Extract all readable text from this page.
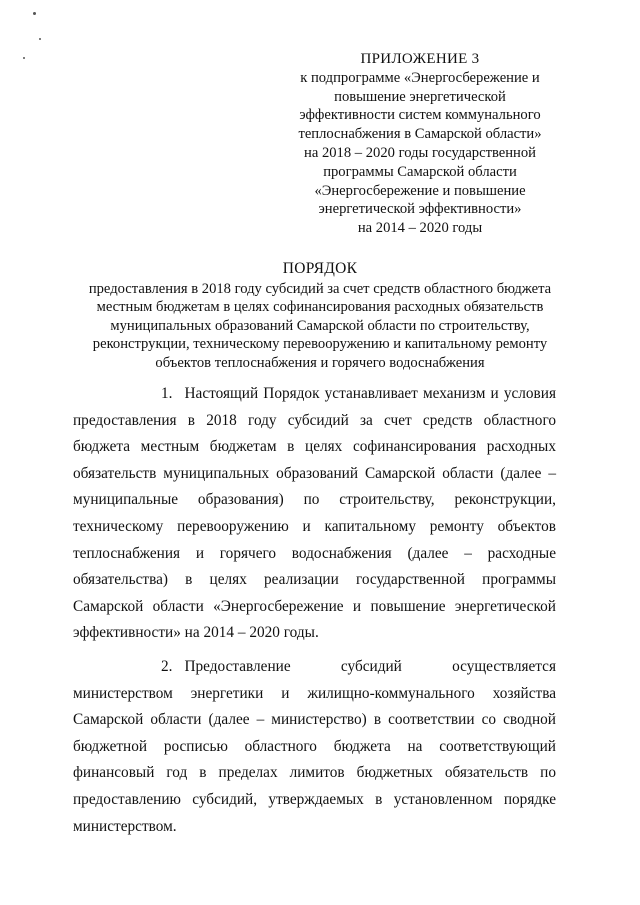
ПРИЛОЖЕНИЕ 3
к подпрограмме «Энергосбережение и
повышение энергетической
эффективности систем коммунального
теплоснабжения в Самарской области»
на 2018 – 2020 годы государственной
программы Самарской области
«Энергосбережение и повышение
энергетической эффективности»
на 2014 – 2020 годы
ПОРЯДОК
предоставления в 2018 году субсидий за счет средств областного бюджета
местным бюджетам в целях софинансирования расходных обязательств
муниципальных образований Самарской области по строительству,
реконструкции, техническому перевооружению и капитальному ремонту
объектов теплоснабжения и горячего водоснабжения

1. Настоящий Порядок устанавливает механизм и условия предоставления в 2018 году субсидий за счет средств областного бюджета местным бюджетам в целях софинансирования расходных обязательств муниципальных образований Самарской области (далее – муниципальные образования) по строительству, реконструкции, техническому перевооружению и капитальному ремонту объектов теплоснабжения и горячего водоснабжения (далее – расходные обязательства) в целях реализации государственной программы Самарской области «Энергосбережение и повышение энергетической эффективности» на 2014 – 2020 годы.

2. Предоставление субсидий осуществляется министерством энергетики и жилищно-коммунального хозяйства Самарской области (далее – министерство) в соответствии со сводной бюджетной росписью областного бюджета на соответствующий финансовый год в пределах лимитов бюджетных обязательств по предоставлению субсидий, утверждаемых в установленном порядке министерством.
